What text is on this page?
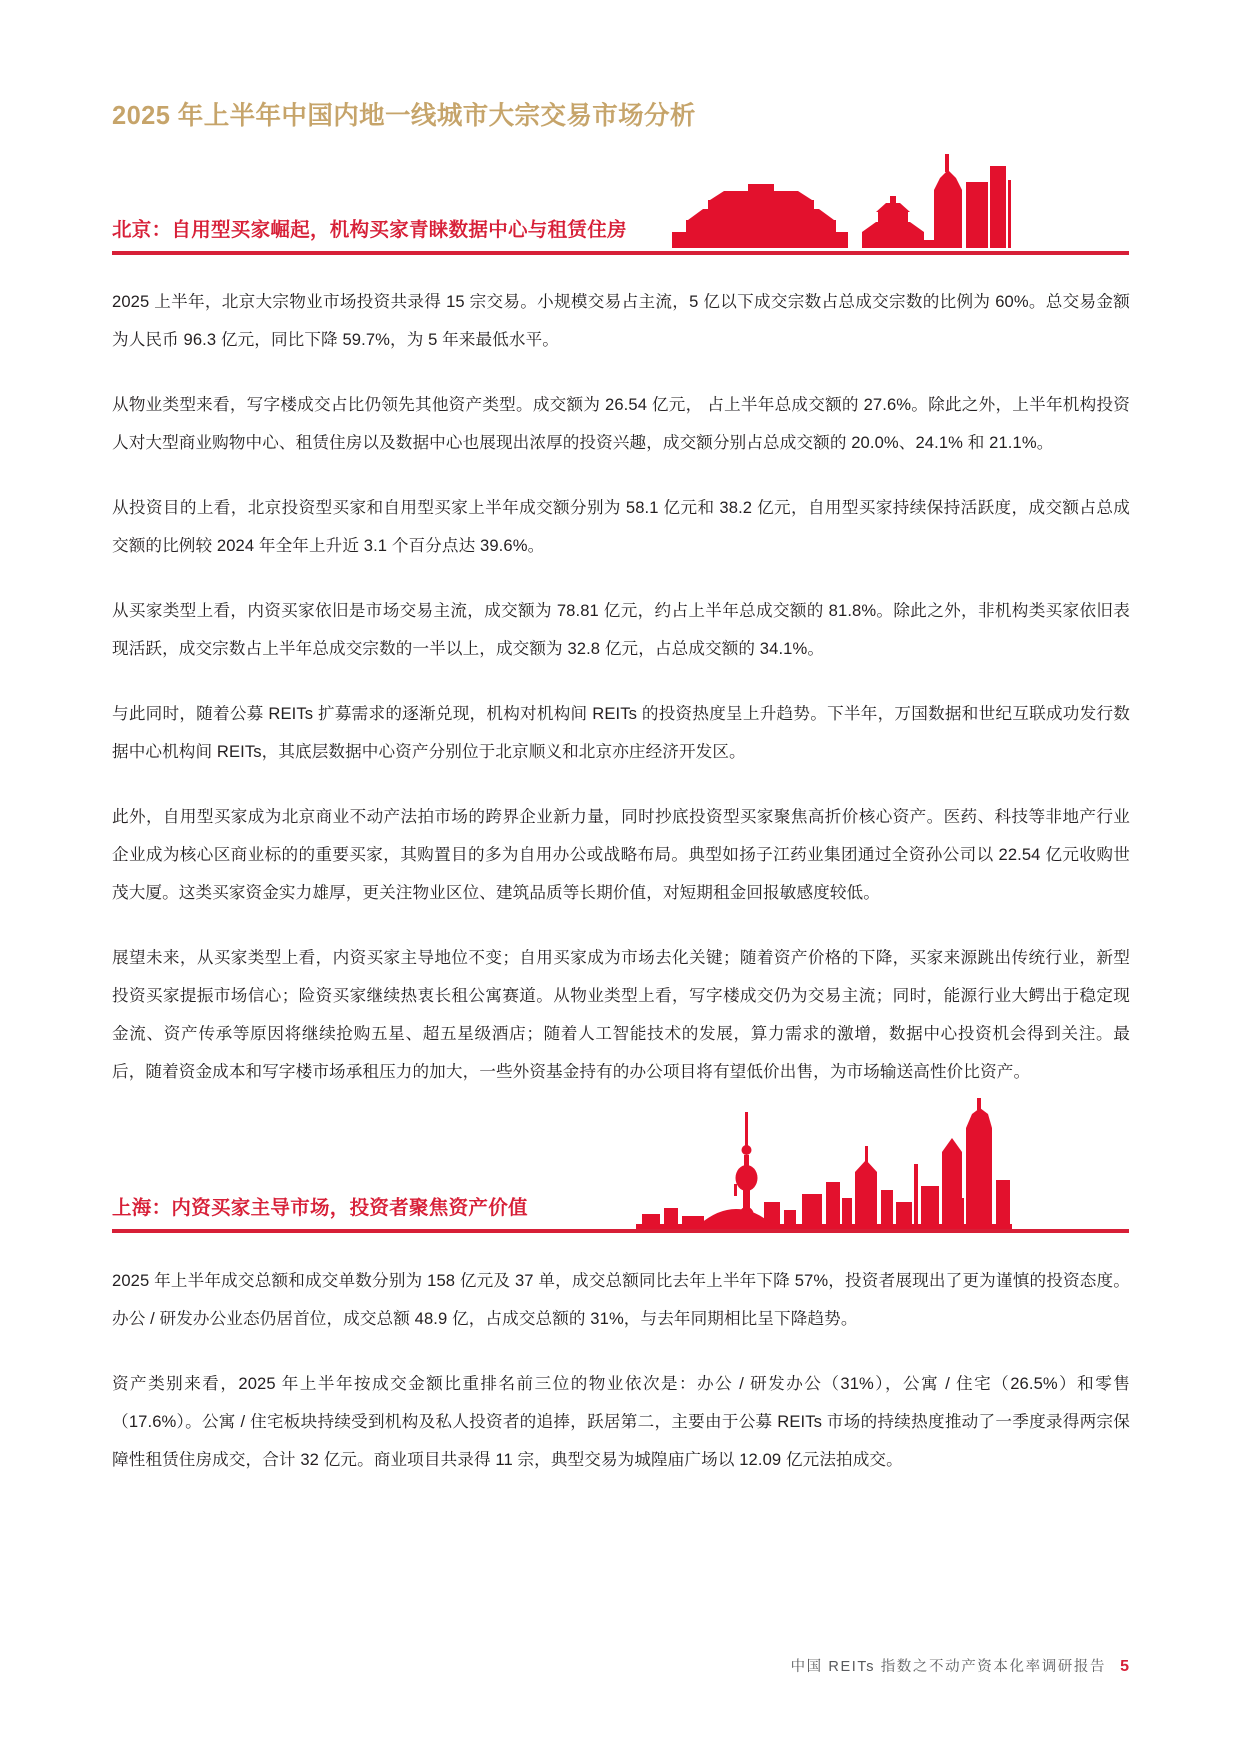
2025 年上半年中国内地一线城市大宗交易市场分析
北京：自用型买家崛起，机构买家青睐数据中心与租赁住房

2025 上半年，北京大宗物业市场投资共录得 15 宗交易。小规模交易占主流，5 亿以下成交宗数占总成交宗数的比例为 60%。总交易金额为人民币 96.3 亿元，同比下降 59.7%，为 5 年来最低水平。

从物业类型来看，写字楼成交占比仍领先其他资产类型。成交额为 26.54 亿元， 占上半年总成交额的 27.6%。除此之外，上半年机构投资人对大型商业购物中心、租赁住房以及数据中心也展现出浓厚的投资兴趣，成交额分别占总成交额的 20.0%、24.1% 和 21.1%。

从投资目的上看，北京投资型买家和自用型买家上半年成交额分别为 58.1 亿元和 38.2 亿元，自用型买家持续保持活跃度，成交额占总成交额的比例较 2024 年全年上升近 3.1 个百分点达 39.6%。

从买家类型上看，内资买家依旧是市场交易主流，成交额为 78.81 亿元，约占上半年总成交额的 81.8%。除此之外，非机构类买家依旧表现活跃，成交宗数占上半年总成交宗数的一半以上，成交额为 32.8 亿元，占总成交额的 34.1%。

与此同时，随着公募 REITs 扩募需求的逐渐兑现，机构对机构间 REITs 的投资热度呈上升趋势。下半年，万国数据和世纪互联成功发行数据中心机构间 REITs，其底层数据中心资产分别位于北京顺义和北京亦庄经济开发区。

此外，自用型买家成为北京商业不动产法拍市场的跨界企业新力量，同时抄底投资型买家聚焦高折价核心资产。医药、科技等非地产行业企业成为核心区商业标的的重要买家，其购置目的多为自用办公或战略布局。典型如扬子江药业集团通过全资孙公司以 22.54 亿元收购世茂大厦。这类买家资金实力雄厚，更关注物业区位、建筑品质等长期价值，对短期租金回报敏感度较低。

展望未来，从买家类型上看，内资买家主导地位不变；自用买家成为市场去化关键；随着资产价格的下降，买家来源跳出传统行业，新型投资买家提振市场信心；险资买家继续热衷长租公寓赛道。从物业类型上看，写字楼成交仍为交易主流；同时，能源行业大鳄出于稳定现金流、资产传承等原因将继续抢购五星、超五星级酒店；随着人工智能技术的发展，算力需求的激增，数据中心投资机会得到关注。最后，随着资金成本和写字楼市场承租压力的加大，一些外资基金持有的办公项目将有望低价出售，为市场输送高性价比资产。

上海：内资买家主导市场，投资者聚焦资产价值

2025 年上半年成交总额和成交单数分别为 158 亿元及 37 单，成交总额同比去年上半年下降 57%，投资者展现出了更为谨慎的投资态度。办公 / 研发办公业态仍居首位，成交总额 48.9 亿，占成交总额的 31%，与去年同期相比呈下降趋势。

资产类别来看，2025 年上半年按成交金额比重排名前三位的物业依次是：办公 / 研发办公（31%），公寓 / 住宅（26.5%）和零售（17.6%）。公寓 / 住宅板块持续受到机构及私人投资者的追捧，跃居第二，主要由于公募 REITs 市场的持续热度推动了一季度录得两宗保障性租赁住房成交，合计 32 亿元。商业项目共录得 11 宗，典型交易为城隍庙广场以 12.09 亿元法拍成交。

中国 REITs 指数之不动产资本化率调研报告 5
